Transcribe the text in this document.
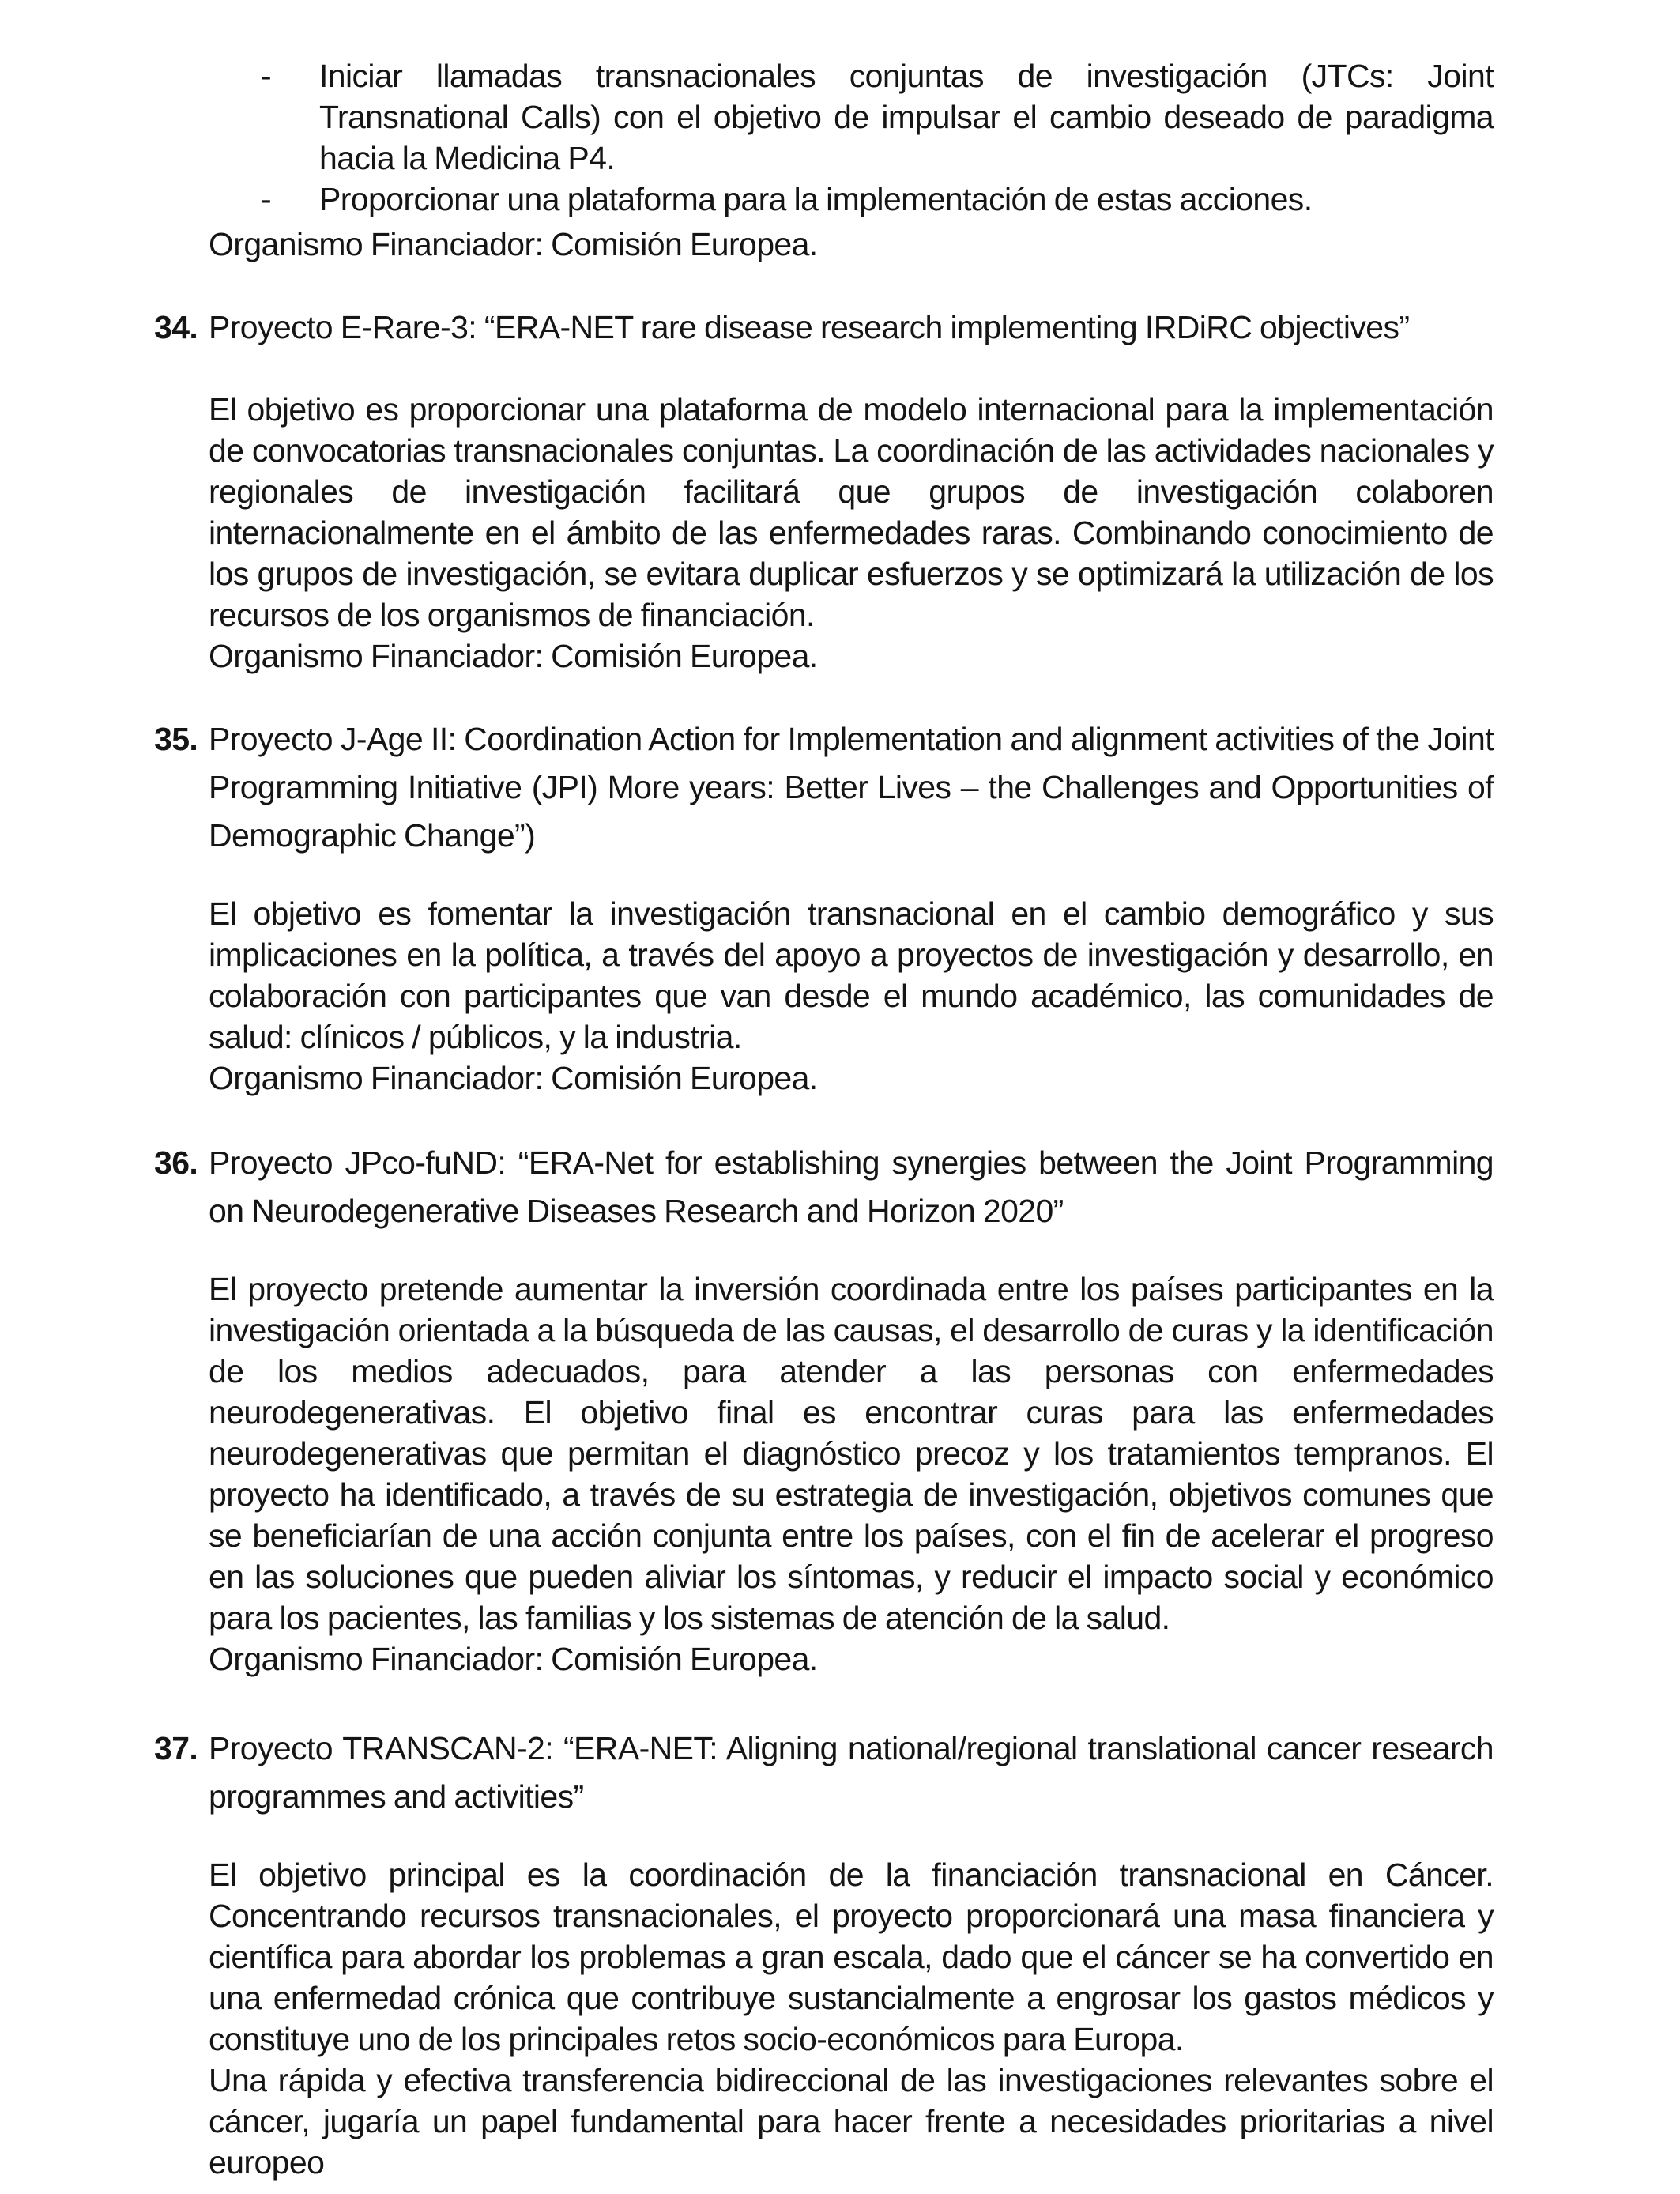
- Iniciar llamadas transnacionales conjuntas de investigación (JTCs: Joint Transnational Calls) con el objetivo de impulsar el cambio deseado de paradigma hacia la Medicina P4.
- Proporcionar una plataforma para la implementación de estas acciones.
Organismo Financiador: Comisión Europea.
34. Proyecto E-Rare-3: “ERA-NET rare disease research implementing IRDiRC objectives”
El objetivo es proporcionar una plataforma de modelo internacional para la implementación de convocatorias transnacionales conjuntas. La coordinación de las actividades nacionales y regionales de investigación facilitará que grupos de investigación colaboren internacionalmente en el ámbito de las enfermedades raras. Combinando conocimiento de los grupos de investigación, se evitara duplicar esfuerzos y se optimizará la utilización de los recursos de los organismos de financiación.
Organismo Financiador: Comisión Europea.
35. Proyecto J-Age II: Coordination Action for Implementation and alignment activities of the Joint Programming Initiative (JPI) More years: Better Lives – the Challenges and Opportunities of Demographic Change”)
El objetivo es fomentar la investigación transnacional en el cambio demográfico y sus implicaciones en la política, a través del apoyo a proyectos de investigación y desarrollo, en colaboración con participantes que van desde el mundo académico, las comunidades de salud: clínicos / públicos, y la industria.
Organismo Financiador: Comisión Europea.
36. Proyecto JPco-fuND: “ERA-Net for establishing synergies between the Joint Programming on Neurodegenerative Diseases Research and Horizon 2020”
El proyecto pretende aumentar la inversión coordinada entre los países participantes en la investigación orientada a la búsqueda de las causas, el desarrollo de curas y la identificación de los medios adecuados, para atender a las personas con enfermedades neurodegenerativas. El objetivo final es encontrar curas para las enfermedades neurodegenerativas que permitan el diagnóstico precoz y los tratamientos tempranos. El proyecto ha identificado, a través de su estrategia de investigación, objetivos comunes que se beneficiarían de una acción conjunta entre los países, con el fin de acelerar el progreso en las soluciones que pueden aliviar los síntomas, y reducir el impacto social y económico para los pacientes, las familias y los sistemas de atención de la salud.
Organismo Financiador: Comisión Europea.
37. Proyecto TRANSCAN-2: “ERA-NET: Aligning national/regional translational cancer research programmes and activities”
El objetivo principal es la coordinación de la financiación transnacional en Cáncer. Concentrando recursos transnacionales, el proyecto proporcionará una masa financiera y científica para abordar los problemas a gran escala, dado que el cáncer se ha convertido en una enfermedad crónica que contribuye sustancialmente a engrosar los gastos médicos y constituye uno de los principales retos socio-económicos para Europa.
Una rápida y efectiva transferencia bidireccional de las investigaciones relevantes sobre el cáncer, jugaría un papel fundamental para hacer frente a necesidades prioritarias a nivel europeo
